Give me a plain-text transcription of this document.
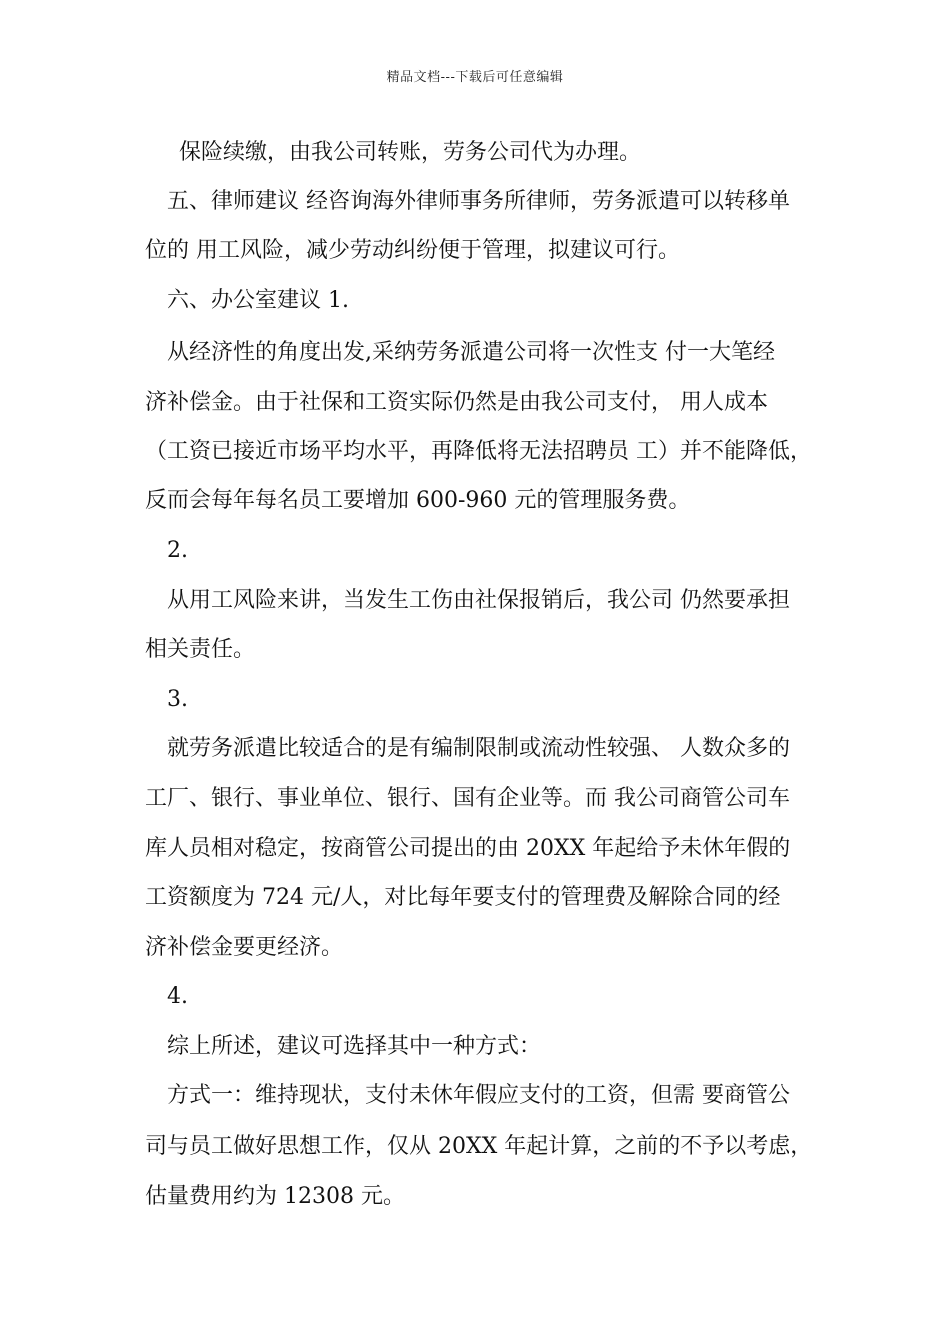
精品文档---下载后可任意编辑
保险续缴，由我公司转账，劳务公司代为办理。
五、律师建议 经咨询海外律师事务所律师，劳务派遣可以转移单
位的 用工风险，减少劳动纠纷便于管理，拟建议可行。
六、办公室建议 1.
从经济性的角度出发,采纳劳务派遣公司将一次性支 付一大笔经
济补偿金。由于社保和工资实际仍然是由我公司支付， 用人成本
（工资已接近市场平均水平，再降低将无法招聘员 工）并不能降低，
反而会每年每名员工要增加 600-960 元的管理服务费。
2.
从用工风险来讲，当发生工伤由社保报销后，我公司 仍然要承担
相关责任。
3.
就劳务派遣比较适合的是有编制限制或流动性较强、 人数众多的
工厂、银行、事业单位、银行、国有企业等。而 我公司商管公司车
库人员相对稳定，按商管公司提出的由 20XX 年起给予未休年假的
工资额度为 724 元/人，对比每年要支付的管理费及解除合同的经
济补偿金要更经济。
4.
综上所述，建议可选择其中一种方式：
方式一：维持现状，支付未休年假应支付的工资，但需 要商管公
司与员工做好思想工作，仅从 20XX 年起计算，之前的不予以考虑，
估量费用约为 12308 元。
